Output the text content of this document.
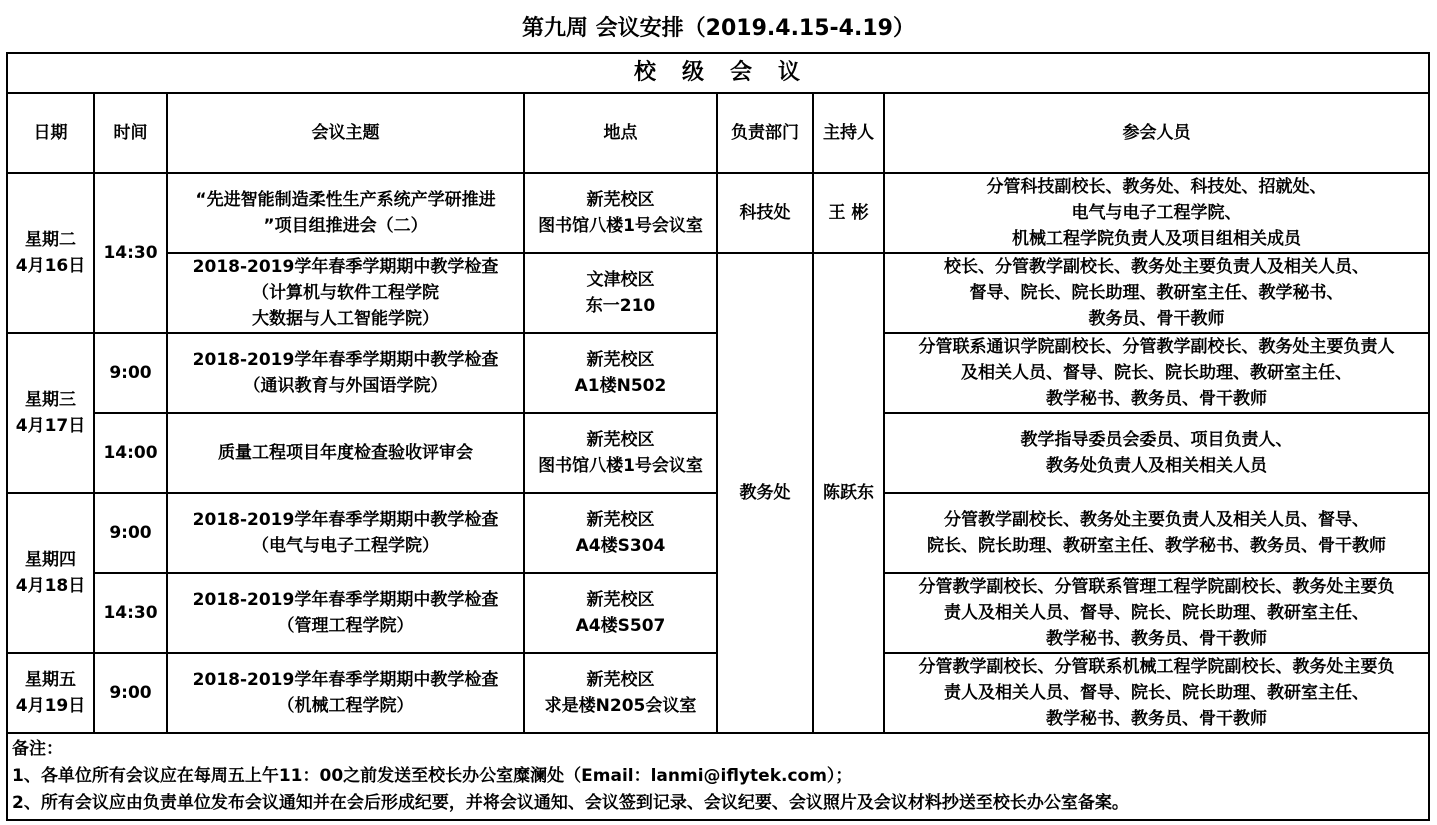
第九周 会议安排（2019.4.15-4.19）
校级会议						
日期	时间	会议主题	地点	负责部门	主持人	参会人员

星期二
4月16日	14:30	“先进智能制造柔性生产系统产学研推进
”项目组推进会（二）	新芜校区
图书馆八楼1号会议室	科技处	王 彬	分管科技副校长、教务处、科技处、招就处、
电气与电子工程学院、
机械工程学院负责人及项目组相关成员

		2018-2019学年春季学期期中教学检查
（计算机与软件工程学院
大数据与人工智能学院）	文津校区
东一210	教务处	陈跃东	校长、分管教学副校长、教务处主要负责人及相关人员、
督导、院长、院长助理、教研室主任、教学秘书、
教务员、骨干教师

星期三
4月17日	9:00	2018-2019学年春季学期期中教学检查
（通识教育与外国语学院）	新芜校区
A1楼N502			分管联系通识学院副校长、分管教学副校长、教务处主要负责人
及相关人员、督导、院长、院长助理、教研室主任、
教学秘书、教务员、骨干教师

	14:00	质量工程项目年度检查验收评审会	新芜校区
图书馆八楼1号会议室			教学指导委员会委员、项目负责人、
教务处负责人及相关相关人员

星期四
4月18日	9:00	2018-2019学年春季学期期中教学检查
（电气与电子工程学院）	新芜校区
A4楼S304			分管教学副校长、教务处主要负责人及相关人员、督导、
院长、院长助理、教研室主任、教学秘书、教务员、骨干教师

	14:30	2018-2019学年春季学期期中教学检查
（管理工程学院）	新芜校区
A4楼S507			分管教学副校长、分管联系管理工程学院副校长、教务处主要负
责人及相关人员、督导、院长、院长助理、教研室主任、
教学秘书、教务员、骨干教师

星期五
4月19日	9:00	2018-2019学年春季学期期中教学检查
（机械工程学院）	新芜校区
求是楼N205会议室			分管教学副校长、分管联系机械工程学院副校长、教务处主要负
责人及相关人员、督导、院长、院长助理、教研室主任、
教学秘书、教务员、骨干教师

备注：
1、各单位所有会议应在每周五上午11：00之前发送至校长办公室糜澜处（Email：lanmi@iflytek.com）；
2、所有会议应由负责单位发布会议通知并在会后形成纪要，并将会议通知、会议签到记录、会议纪要、会议照片及会议材料抄送至校长办公室备案。						
